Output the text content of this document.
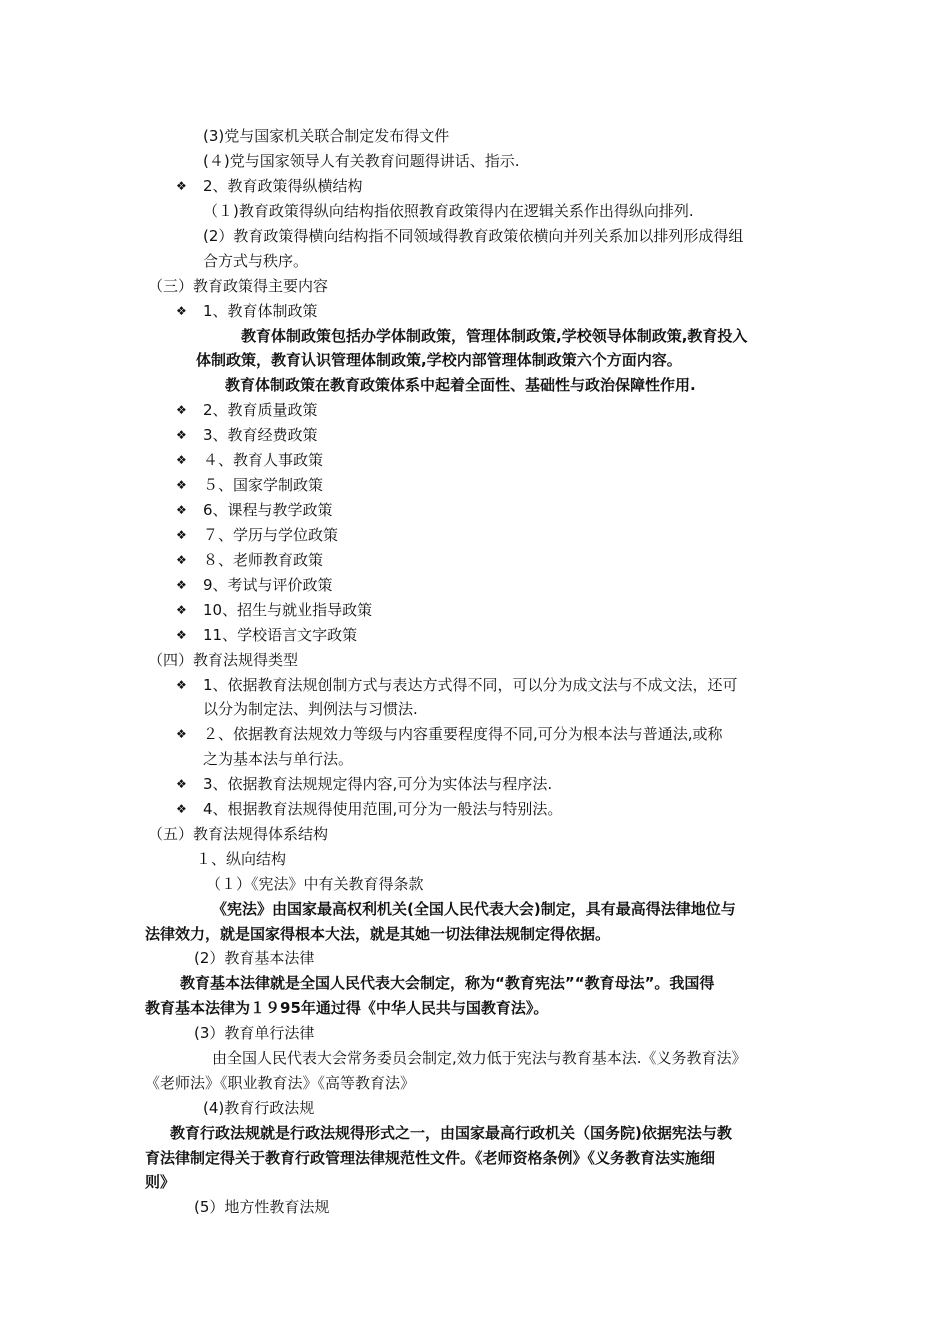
(3)党与国家机关联合制定发布得文件
(４)党与国家领导人有关教育问题得讲话、指示.
❖ 2、教育政策得纵横结构
（１)教育政策得纵向结构指依照教育政策得内在逻辑关系作出得纵向排列.
(2）教育政策得横向结构指不同领域得教育政策依横向并列关系加以排列形成得组
合方式与秩序。
（三）教育政策得主要内容
❖ 1、教育体制政策
教育体制政策包括办学体制政策，管理体制政策,学校领导体制政策,教育投入
体制政策，教育认识管理体制政策,学校内部管理体制政策六个方面内容。
教育体制政策在教育政策体系中起着全面性、基础性与政治保障性作用.
❖ 2、教育质量政策
❖ 3、教育经费政策
❖ ４、教育人事政策
❖ ５、国家学制政策
❖ 6、课程与教学政策
❖ ７、学历与学位政策
❖ ８、老师教育政策
❖ 9、考试与评价政策
❖ 10、招生与就业指导政策
❖ 11、学校语言文字政策
（四）教育法规得类型
❖ 1、依据教育法规创制方式与表达方式得不同，可以分为成文法与不成文法，还可
以分为制定法、判例法与习惯法.
❖ ２、依据教育法规效力等级与内容重要程度得不同,可分为根本法与普通法,或称
之为基本法与单行法。
❖ 3、依据教育法规规定得内容,可分为实体法与程序法.
❖ 4、根据教育法规得使用范围,可分为一般法与特别法。
（五）教育法规得体系结构
１、纵向结构
（１）《宪法》中有关教育得条款
《宪法》由国家最高权利机关(全国人民代表大会)制定，具有最高得法律地位与
法律效力，就是国家得根本大法，就是其她一切法律法规制定得依据。
(2）教育基本法律
教育基本法律就是全国人民代表大会制定，称为“教育宪法”“教育母法”。我国得
教育基本法律为１９95年通过得《中华人民共与国教育法》。
(3）教育单行法律
由全国人民代表大会常务委员会制定,效力低于宪法与教育基本法.《义务教育法》
《老师法》《职业教育法》《高等教育法》
(4)教育行政法规
教育行政法规就是行政法规得形式之一，由国家最高行政机关（国务院)依据宪法与教
育法律制定得关于教育行政管理法律规范性文件。《老师资格条例》《义务教育法实施细
则》
(5）地方性教育法规
